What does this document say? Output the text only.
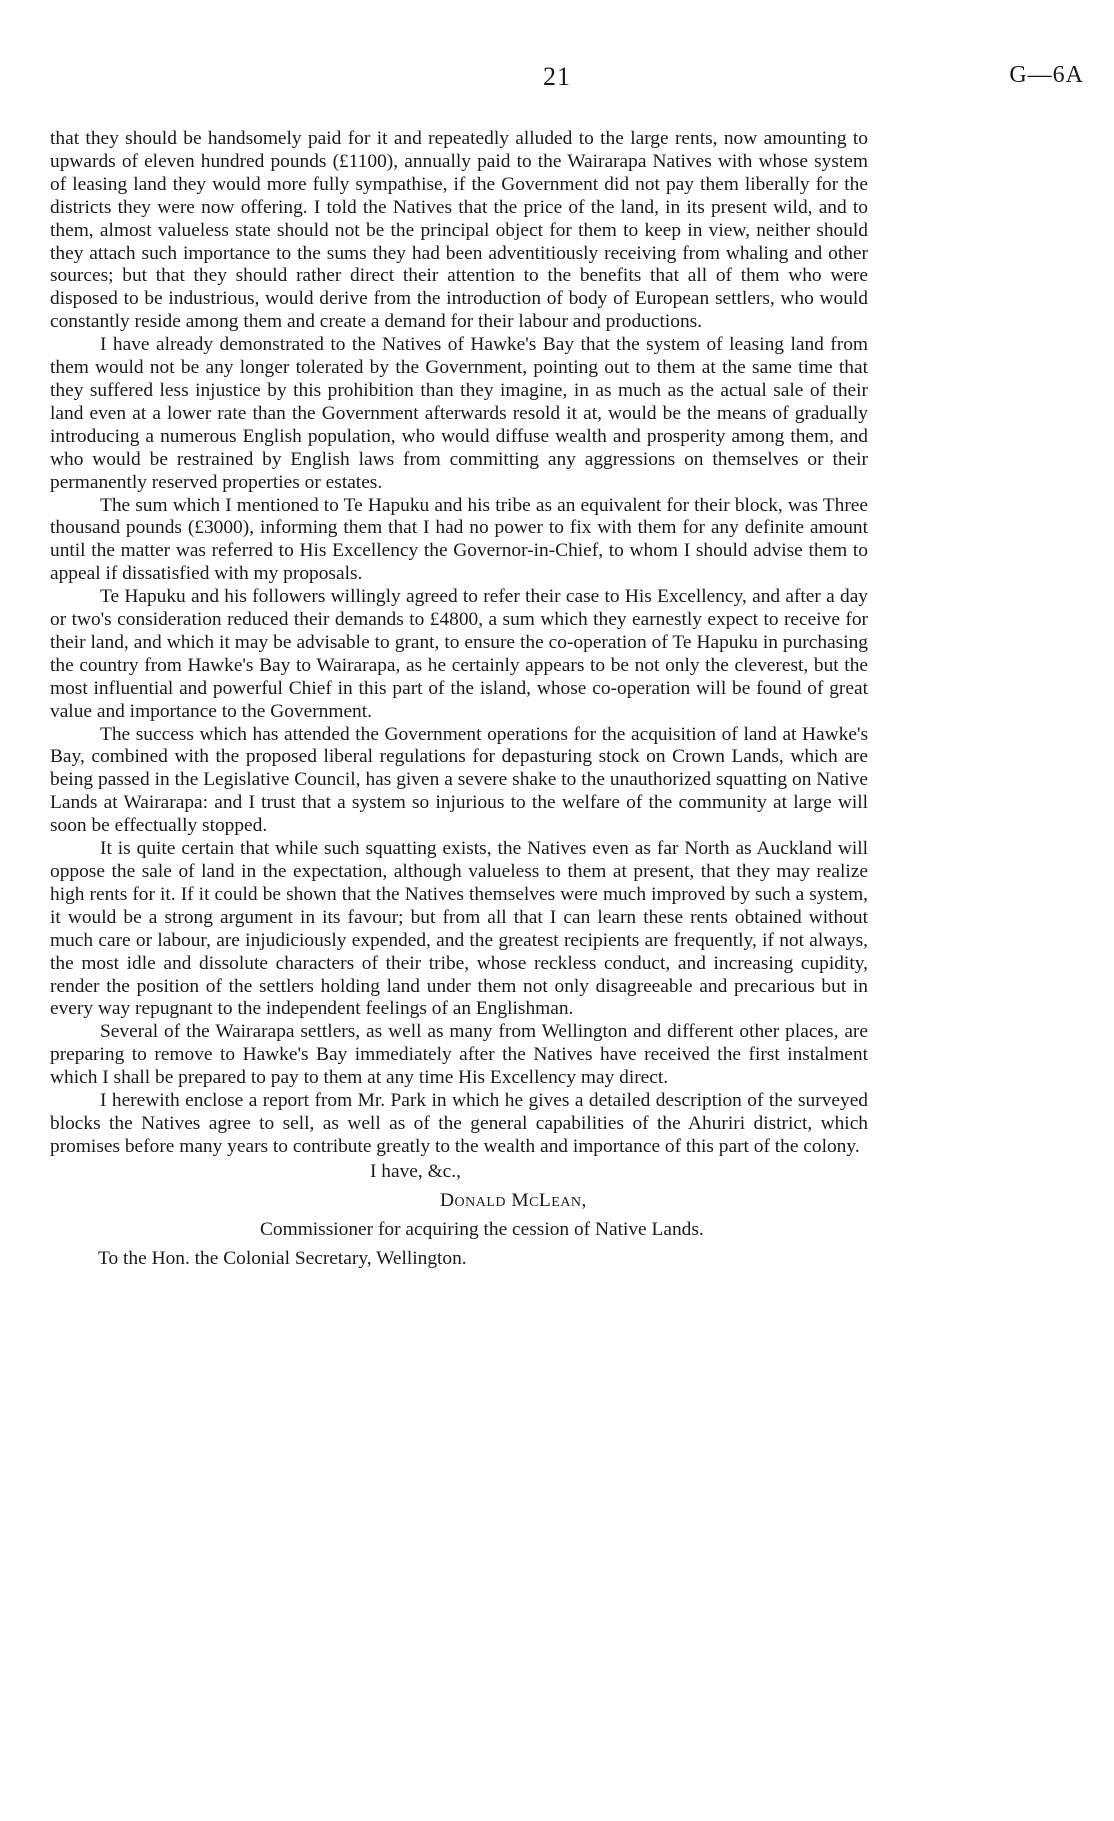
21	G—6A

that they should be handsomely paid for it and repeatedly alluded to the large rents, now amounting to upwards of eleven hundred pounds (£1100), annually paid to the Wairarapa Natives with whose system of leasing land they would more fully sympathise, if the Government did not pay them liberally for the districts they were now offering. I told the Natives that the price of the land, in its present wild, and to them, almost valueless state should not be the principal object for them to keep in view, neither should they attach such importance to the sums they had been adventitiously receiving from whaling and other sources; but that they should rather direct their attention to the benefits that all of them who were disposed to be industrious, would derive from the introduction of body of European settlers, who would constantly reside among them and create a demand for their labour and productions.

I have already demonstrated to the Natives of Hawke's Bay that the system of leasing land from them would not be any longer tolerated by the Government, pointing out to them at the same time that they suffered less injustice by this prohibition than they imagine, in as much as the actual sale of their land even at a lower rate than the Government afterwards resold it at, would be the means of gradually introducing a numerous English population, who would diffuse wealth and prosperity among them, and who would be restrained by English laws from committing any aggressions on themselves or their permanently reserved properties or estates.

The sum which I mentioned to Te Hapuku and his tribe as an equivalent for their block, was Three thousand pounds (£3000), informing them that I had no power to fix with them for any definite amount until the matter was referred to His Excellency the Governor-in-Chief, to whom I should advise them to appeal if dissatisfied with my proposals.

Te Hapuku and his followers willingly agreed to refer their case to His Excellency, and after a day or two's consideration reduced their demands to £4800, a sum which they earnestly expect to receive for their land, and which it may be advisable to grant, to ensure the co-operation of Te Hapuku in purchasing the country from Hawke's Bay to Wairarapa, as he certainly appears to be not only the cleverest, but the most influential and powerful Chief in this part of the island, whose co-operation will be found of great value and importance to the Government.

The success which has attended the Government operations for the acquisition of land at Hawke's Bay, combined with the proposed liberal regulations for depasturing stock on Crown Lands, which are being passed in the Legislative Council, has given a severe shake to the unauthorized squatting on Native Lands at Wairarapa: and I trust that a system so injurious to the welfare of the community at large will soon be effectually stopped.

It is quite certain that while such squatting exists, the Natives even as far North as Auckland will oppose the sale of land in the expectation, although valueless to them at present, that they may realize high rents for it. If it could be shown that the Natives themselves were much improved by such a system, it would be a strong argument in its favour; but from all that I can learn these rents obtained without much care or labour, are injudiciously expended, and the greatest recipients are frequently, if not always, the most idle and dissolute characters of their tribe, whose reckless conduct, and increasing cupidity, render the position of the settlers holding land under them not only disagreeable and precarious but in every way repugnant to the independent feelings of an Englishman.

Several of the Wairarapa settlers, as well as many from Wellington and different other places, are preparing to remove to Hawke's Bay immediately after the Natives have received the first instalment which I shall be prepared to pay to them at any time His Excellency may direct.

I herewith enclose a report from Mr. Park in which he gives a detailed description of the surveyed blocks the Natives agree to sell, as well as of the general capabilities of the Ahuriri district, which promises before many years to contribute greatly to the wealth and importance of this part of the colony.

I have, &c.,

Donald McLean,

Commissioner for acquiring the cession of Native Lands.

To the Hon. the Colonial Secretary, Wellington.
